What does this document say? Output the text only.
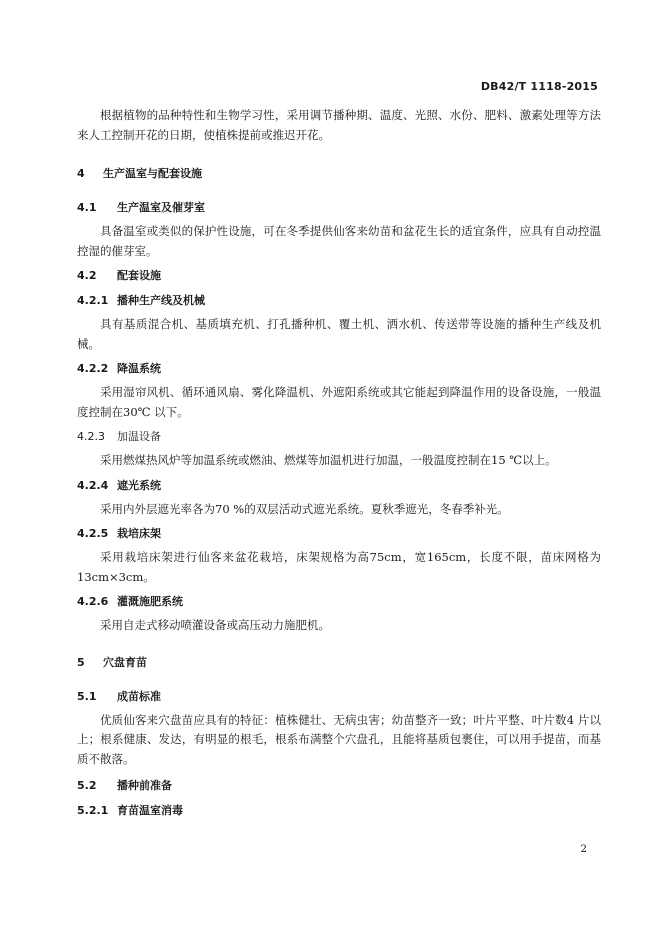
DB42/T 1118-2015

根据植物的品种特性和生物学习性，采用调节播种期、温度、光照、水份、肥料、激素处理等方法来人工控制开花的日期，使植株提前或推迟开花。

4 生产温室与配套设施
4.1 生产温室及催芽室

具备温室或类似的保护性设施，可在冬季提供仙客来幼苗和盆花生长的适宜条件，应具有自动控温控湿的催芽室。

4.2 配套设施
4.2.1 播种生产线及机械

具有基质混合机、基质填充机、打孔播种机、覆土机、洒水机、传送带等设施的播种生产线及机械。

4.2.2 降温系统

采用湿帘风机、循环通风扇、雾化降温机、外遮阳系统或其它能起到降温作用的设备设施，一般温度控制在30℃ 以下。

4.2.3 加温设备

采用燃煤热风炉等加温系统或燃油、燃煤等加温机进行加温，一般温度控制在15 ℃以上。

4.2.4 遮光系统

采用内外层遮光率各为70 %的双层活动式遮光系统。夏秋季遮光，冬春季补光。

4.2.5 栽培床架

采用栽培床架进行仙客来盆花栽培，床架规格为高75cm，宽165cm，长度不限，苗床网格为13cm×3cm。

4.2.6 灌溉施肥系统

采用自走式移动喷灌设备或高压动力施肥机。

5 穴盘育苗
5.1 成苗标准

优质仙客来穴盘苗应具有的特征：植株健壮、无病虫害；幼苗整齐一致；叶片平整、叶片数4 片以上；根系健康、发达，有明显的根毛，根系布满整个穴盘孔，且能将基质包裹住，可以用手提苗，而基质不散落。

5.2 播种前准备
5.2.1 育苗温室消毒
2
